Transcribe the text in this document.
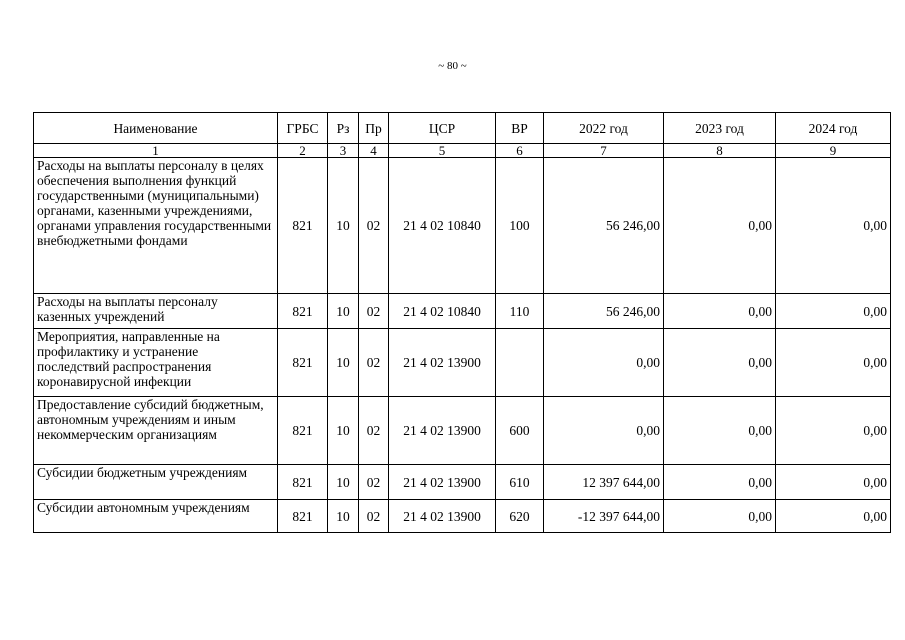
~ 80 ~
Наименование	ГРБС	Рз	Пр	ЦСР	ВР	2022 год	2023 год	2024 год
1	2	3	4	5	6	7	8	9
Расходы на выплаты персоналу в целях обеспечения выполнения функций государственными (муниципальными) органами, казенными учреждениями, органами управления государственными внебюджетными фондами	821	10	02	21 4 02 10840	100	56 246,00	0,00	0,00
Расходы на выплаты персоналу казенных учреждений	821	10	02	21 4 02 10840	110	56 246,00	0,00	0,00
Мероприятия, направленные на профилактику и устранение последствий распространения коронавирусной инфекции	821	10	02	21 4 02 13900		0,00	0,00	0,00
Предоставление субсидий бюджетным, автономным учреждениям и иным некоммерческим организациям	821	10	02	21 4 02 13900	600	0,00	0,00	0,00
Субсидии бюджетным учреждениям	821	10	02	21 4 02 13900	610	12 397 644,00	0,00	0,00
Субсидии автономным учреждениям	821	10	02	21 4 02 13900	620	-12 397 644,00	0,00	0,00
